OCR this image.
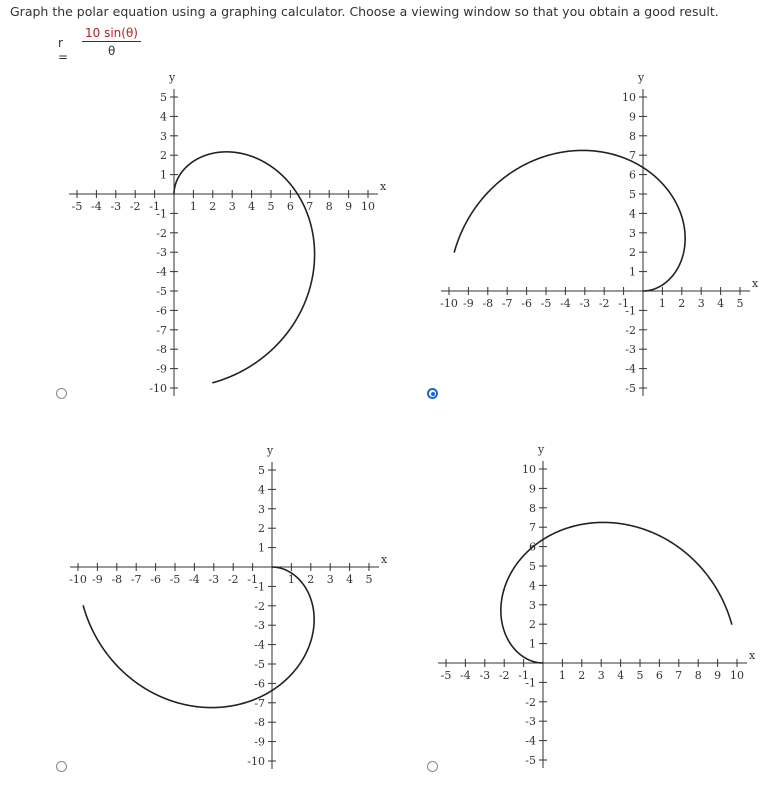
Graph the polar equation using a graphing calculator. Choose a viewing window so that you obtain a good result.
r =
10 sin(θ)
θ
x
y
-5 -4 -3 -2 -1	1 2 3 4 5 6 7 8 9 10
5
4
3
2
1
-1
-2
-3
-4
-5
-6
-7
-8
-9
-10
x
y
-10 -9 -8 -7 -6 -5 -4 -3 -2 -1	1 2 3 4 5
10
9
8
7
6
5
4
3
2
1
-1
-2
-3
-4
-5
x
y
-10 -9 -8 -7 -6 -5 -4 -3 -2 -1	1 2 3 4 5
5
4
3
2
1
-1
-2
-3
-4
-5
-6
-7
-8
-9
-10
x
y
-5 -4 -3 -2 -1	1 2 3 4 5 6 7 8 9 10
10
9
8
7
6
5
4
3
2
1
-1
-2
-3
-4
-5
